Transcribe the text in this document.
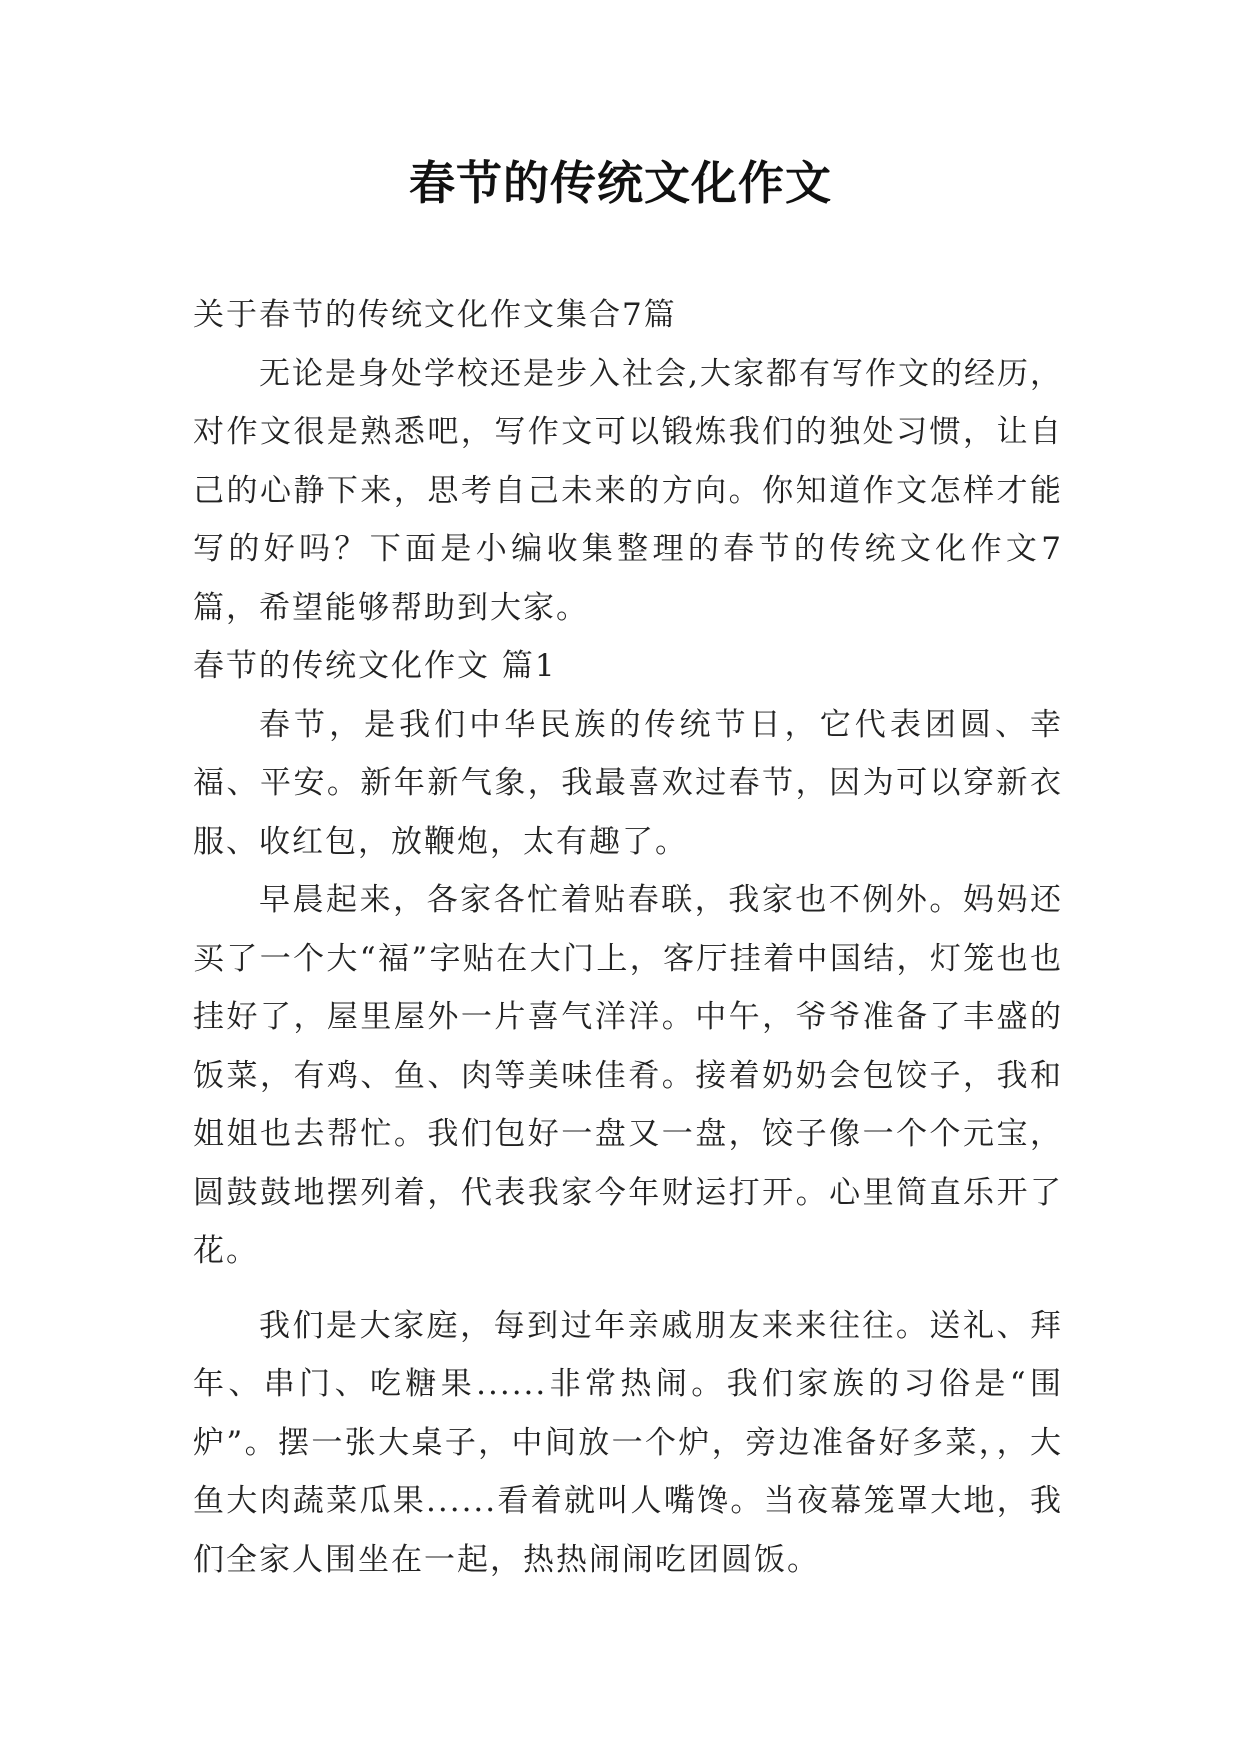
春节的传统文化作文

关于春节的传统文化作文集合7篇

无论是身处学校还是步入社会,大家都有写作文的经历，对作文很是熟悉吧，写作文可以锻炼我们的独处习惯，让自己的心静下来，思考自己未来的方向。你知道作文怎样才能写的好吗？下面是小编收集整理的春节的传统文化作文7篇，希望能够帮助到大家。

春节的传统文化作文 篇1

春节，是我们中华民族的传统节日，它代表团圆、幸福、平安。新年新气象，我最喜欢过春节，因为可以穿新衣服、收红包，放鞭炮，太有趣了。

早晨起来，各家各忙着贴春联，我家也不例外。妈妈还买了一个大“福”字贴在大门上，客厅挂着中国结，灯笼也也挂好了，屋里屋外一片喜气洋洋。中午，爷爷准备了丰盛的饭菜，有鸡、鱼、肉等美味佳肴。接着奶奶会包饺子，我和姐姐也去帮忙。我们包好一盘又一盘，饺子像一个个元宝，圆鼓鼓地摆列着，代表我家今年财运打开。心里简直乐开了花。

我们是大家庭，每到过年亲戚朋友来来往往。送礼、拜年、串门、吃糖果......非常热闹。我们家族的习俗是“围炉”。摆一张大桌子，中间放一个炉，旁边准备好多菜，，大鱼大肉蔬菜瓜果......看着就叫人嘴馋。当夜幕笼罩大地，我们全家人围坐在一起，热热闹闹吃团圆饭。
